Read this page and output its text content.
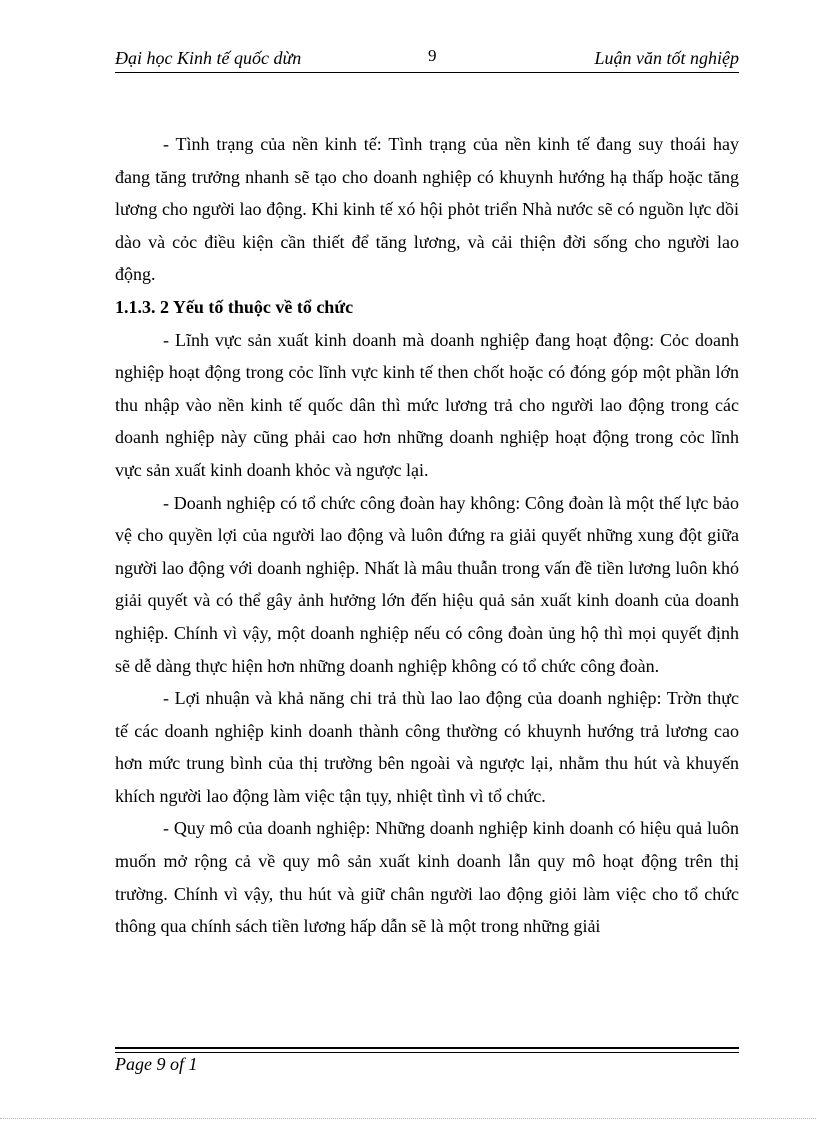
Đại học Kinh tế quốc dừn	9	Luận văn tốt nghiệp

- Tình trạng của nền kinh tế: Tình trạng của nền kinh tế đang suy thoái hay đang tăng trưởng nhanh sẽ tạo cho doanh nghiệp có khuynh hướng hạ thấp hoặc tăng lương cho người lao động. Khi kinh tế xó hội phỏt triển Nhà nước sẽ có nguồn lực dồi dào và cỏc điều kiện cần thiết để tăng lương, và cải thiện đời sống cho người lao động.

1.1.3. 2 Yếu tố thuộc về tổ chức

- Lĩnh vực sản xuất kinh doanh mà doanh nghiệp đang hoạt động: Cỏc doanh nghiệp hoạt động trong cỏc lĩnh vực kinh tế then chốt hoặc có đóng góp một phần lớn thu nhập vào nền kinh tế quốc dân thì mức lương trả cho người lao động trong các doanh nghiệp này cũng phải cao hơn những doanh nghiệp hoạt động trong cỏc lĩnh vực sản xuất kinh doanh khỏc và ngược lại.

- Doanh nghiệp có tổ chức công đoàn hay không: Công đoàn là một thế lực bảo vệ cho quyền lợi của người lao động và luôn đứng ra giải quyết những xung đột giữa người lao động với doanh nghiệp. Nhất là mâu thuẫn trong vấn đề tiền lương luôn khó giải quyết và có thể gây ảnh hưởng lớn đến hiệu quả sản xuất kinh doanh của doanh nghiệp. Chính vì vậy, một doanh nghiệp nếu có công đoàn ủng hộ thì mọi quyết định sẽ dễ dàng thực hiện hơn những doanh nghiệp không có tổ chức công đoàn.

- Lợi nhuận và khả năng chi trả thù lao lao động của doanh nghiệp: Trờn thực tế các doanh nghiệp kinh doanh thành công thường có khuynh hướng trả lương cao hơn mức trung bình của thị trường bên ngoài và ngược lại, nhằm thu hút và khuyến khích người lao động làm việc tận tụy, nhiệt tình vì tổ chức.

- Quy mô của doanh nghiệp: Những doanh nghiệp kinh doanh có hiệu quả luôn muốn mở rộng cả về quy mô sản xuất kinh doanh lẫn quy mô hoạt động trên thị trường. Chính vì vậy, thu hút và giữ chân người lao động giỏi làm việc cho tổ chức thông qua chính sách tiền lương hấp dẫn sẽ là một trong những giải

Page 9 of 1
